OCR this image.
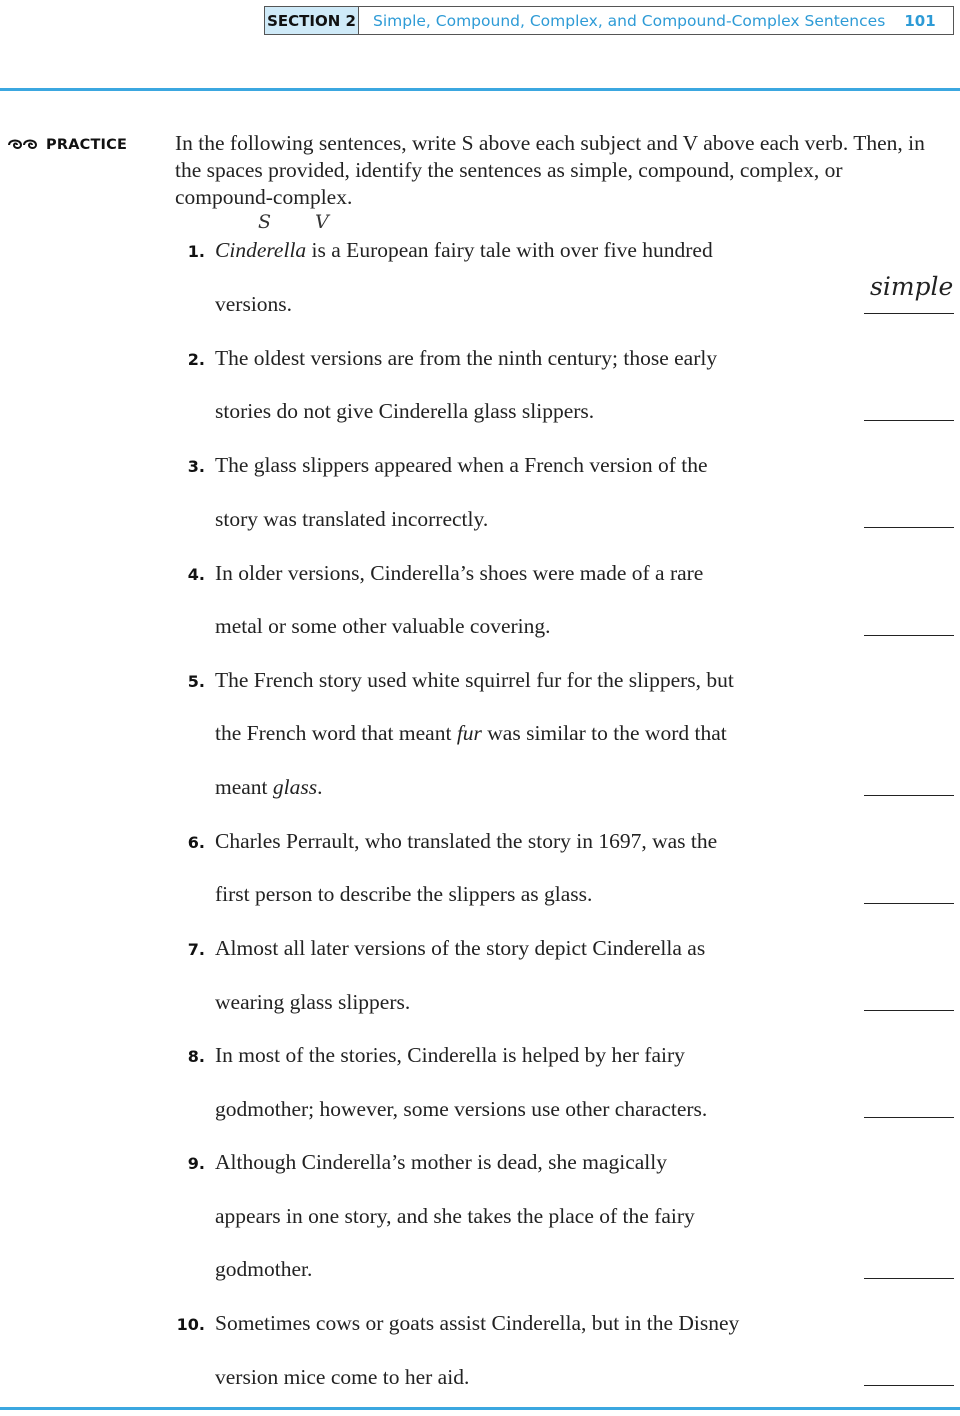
SECTION 2	Simple, Compound, Complex, and Compound-Complex Sentences	101
PRACTICE In the following sentences, write S above each subject and V above each verb. Then, in the spaces provided, identify the sentences as simple, compound, complex, or compound-complex.
S V
1. Cinderella is a European fairy tale with over five hundred
versions.
simple
2. The oldest versions are from the ninth century; those early
stories do not give Cinderella glass slippers.
3. The glass slippers appeared when a French version of the
story was translated incorrectly.
4. In older versions, Cinderella’s shoes were made of a rare
metal or some other valuable covering.
5. The French story used white squirrel fur for the slippers, but
the French word that meant fur was similar to the word that
meant glass.
6. Charles Perrault, who translated the story in 1697, was the
first person to describe the slippers as glass.
7. Almost all later versions of the story depict Cinderella as
wearing glass slippers.
8. In most of the stories, Cinderella is helped by her fairy
godmother; however, some versions use other characters.
9. Although Cinderella’s mother is dead, she magically
appears in one story, and she takes the place of the fairy
godmother.
10. Sometimes cows or goats assist Cinderella, but in the Disney
version mice come to her aid.
